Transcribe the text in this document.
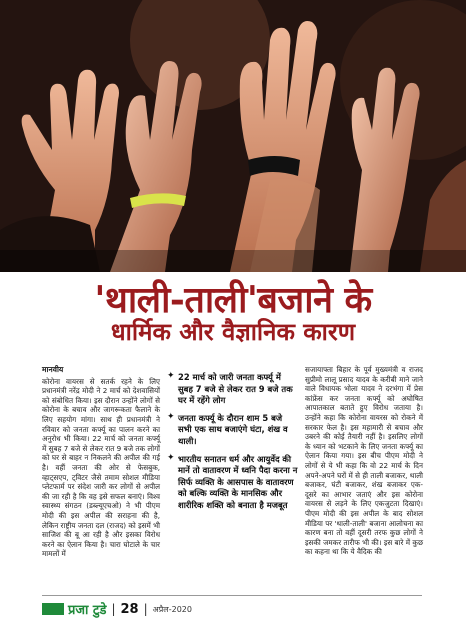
'थाली-ताली'बजाने के
धार्मिक और वैज्ञानिक कारण
मानवीय
कोरोना वायरस से सतर्क रहने के लिए प्रधानमंत्री नरेंद्र मोदी ने 2 मार्च को देशवासियों को संबोधित किया। इस दौरान उन्होंने लोगों से कोरोना के बचाव और जागरूकता फैलाने के लिए सहयोग मांगा। साथ ही प्रधानमंत्री ने रविवार को जनता कर्फ्यू का पालन करने का अनुरोध भी किया। 22 मार्च को जनता कर्फ्यू में सुबह 7 बजे से लेकर रात 9 बजे तक लोगों को घर से बाहर न निकलने की अपील की गई है। वहीं जनता की ओर से फेसबुक, व्हाट्सएप, ट्विटर जैसे तमाम सोशल मीडिया प्लेटफार्म पर संदेश जारी कर लोगों से अपील की जा रही है कि वह इसे सफल बनाएं। विश्व स्वास्थ्य संगठन (डब्ल्यूएचओ) ने भी पीएम मोदी की इस अपील की सराहना की है, लेकिन राष्ट्रीय जनता दल (राजद) को इसमें भी साजिश की बू आ रही है और इसका विरोध करने का ऐलान किया है। चारा घोटाले के चार मामलों में
✦ 22 मार्च को जारी जनता कर्फ्यू में सुबह 7 बजे से लेकर रात 9 बजे तक घर में रहेंगे लोग
✦ जनता कर्फ्यू के दौरान शाम 5 बजे सभी एक साथ बजाएंगे घंटा, शंख व थाली।
✦ भारतीय सनातन धर्म और आयुर्वेद की मानें तो वातावरण में ध्वनि पैदा करना न सिर्फ व्यक्ति के आसपास के वातावरण को बल्कि व्यक्ति के मानसिक और शारीरिक शक्ति को बनाता है मजबूत
सजायाफ्ता बिहार के पूर्व मुख्यमंत्री व राजद सुप्रीमो लालू प्रसाद यादव के करीबी माने जाने वाले विधायक भोला यादव ने दरभंगा में प्रेस कांफ्रेंस कर जनता कर्फ्यू को अघोषित आपातकाल बताते हुए विरोध जताया है। उन्होंने कहा कि कोरोना वायरस को रोकने में सरकार फेल है। इस महामारी से बचाव और उबरने की कोई तैयारी नहीं है। इसलिए लोगों के ध्यान को भटकाने के लिए जनता कर्फ्यू का ऐलान किया गया। इस बीच पीएम मोदी ने लोगों से ये भी कहा कि वो 22 मार्च के दिन अपने-अपने घरों में से ही ताली बजाकर, थाली बजाकर, घंटी बजाकर, शंख बजाकर एक-दूसरे का आभार जताएं और इस कोरोना वायरस से लड़ने के लिए एकजुटता दिखाएं। पीएम मोदी की इस अपील के बाद सोशल मीडिया पर 'थाली-ताली' बजाना आलोचना का कारण बना तो वहीं दूसरी तरफ कुछ लोगों ने इसकी जमकर तारीफ भी की। इस बारे में कुछ का कहना था कि ये वैदिक की
प्रजा टुडे | 28 | अप्रैल-2020
